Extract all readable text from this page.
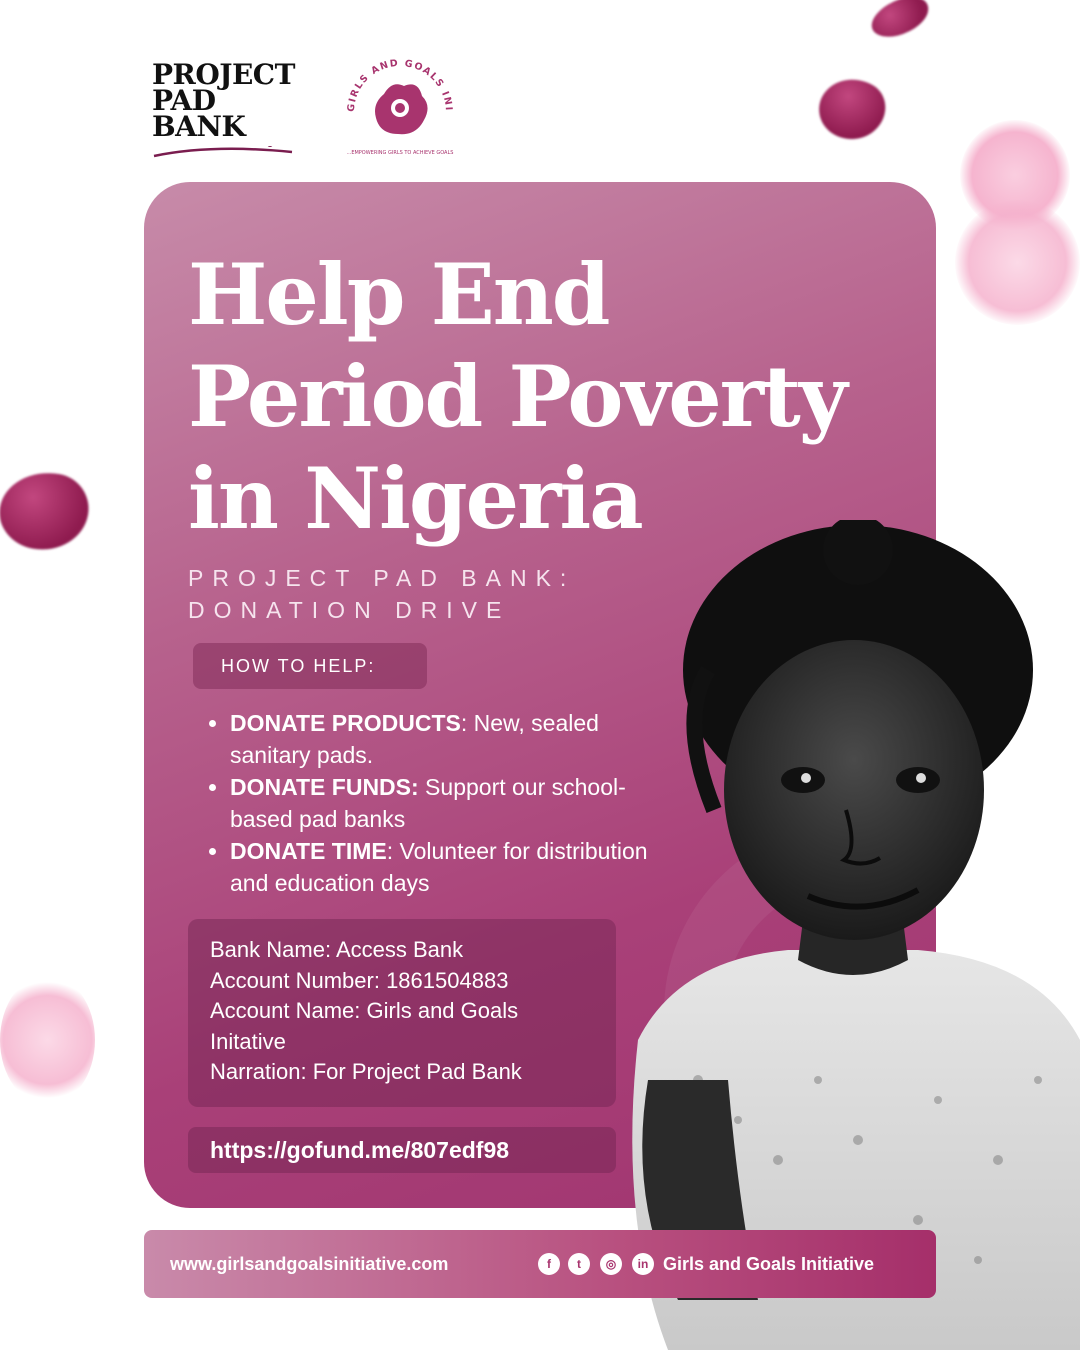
PROJECT
PAD
BANK
GIRLS AND GOALS INI
...EMPOWERING GIRLS TO ACHIEVE GOALS
Help End
Period Poverty
in Nigeria
PROJECT PAD BANK:
DONATION DRIVE
HOW TO HELP:
• DONATE PRODUCTS: New, sealed sanitary pads.
• DONATE FUNDS: Support our school-based pad banks
• DONATE TIME: Volunteer for distribution and education days
Bank Name: Access Bank
Account Number: 1861504883
Account Name: Girls and Goals Initative
Narration: For Project Pad Bank
https://gofund.me/807edf98
www.girlsandgoalsinitiative.com	f	t	◎	in Girls and Goals Initiative
